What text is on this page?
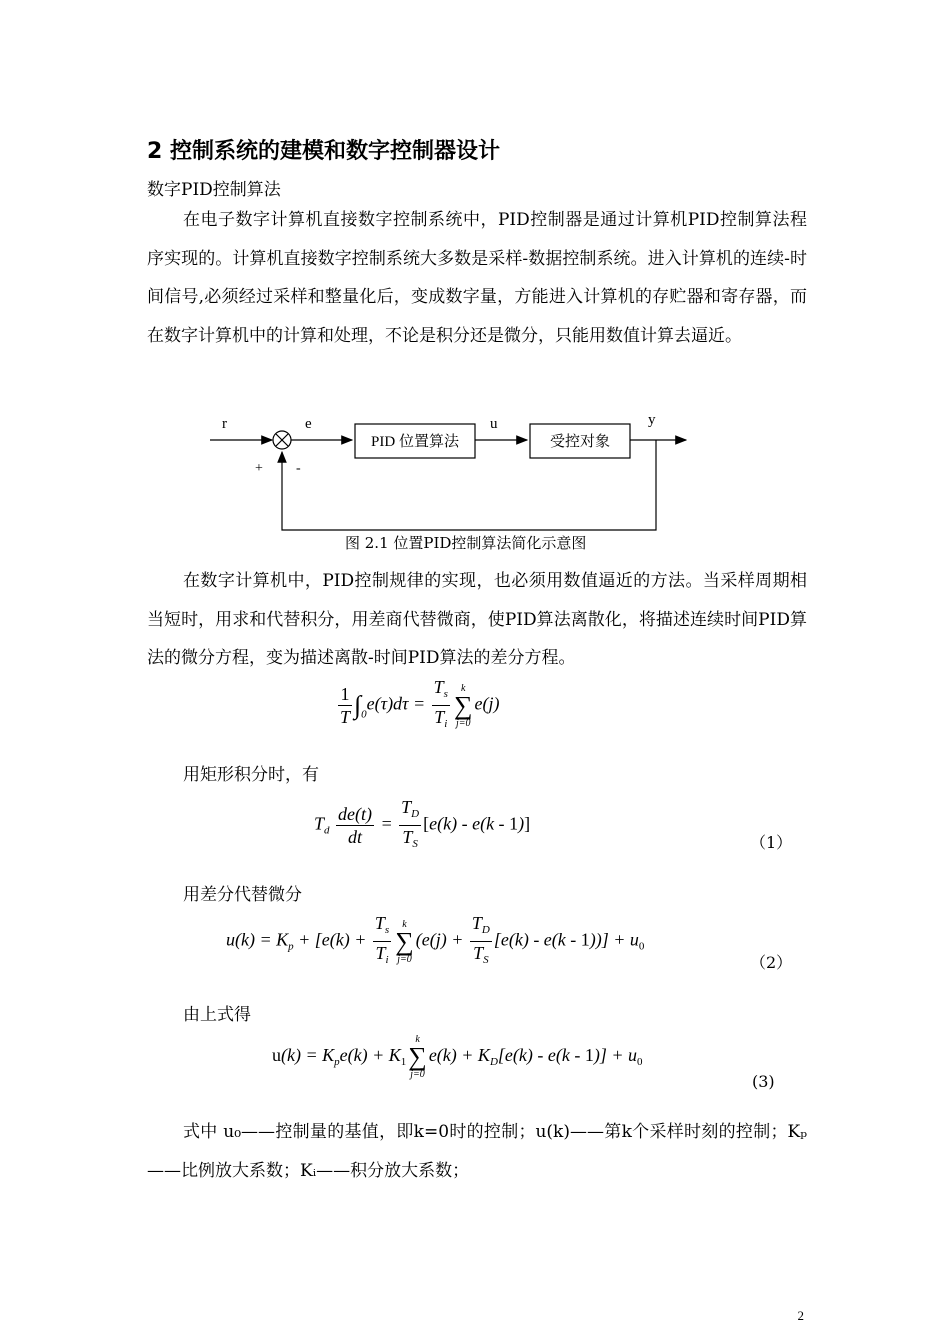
2 控制系统的建模和数字控制器设计
数字PID控制算法
在电子数字计算机直接数字控制系统中，PID控制器是通过计算机PID控制算法程序实现的。计算机直接数字控制系统大多数是采样-数据控制系统。进入计算机的连续-时间信号,必须经过采样和整量化后，变成数字量，方能进入计算机的存贮器和寄存器，而在数字计算机中的计算和处理，不论是积分还是微分，只能用数值计算去逼近。
r
+ -
e
PID 位置算法
u
受控对象
y
图 2.1 位置PID控制算法简化示意图
在数字计算机中，PID控制规律的实现，也必须用数值逼近的方法。当采样周期相当短时，用求和代替积分，用差商代替微商，使PID算法离散化，将描述连续时间PID算法的微分方程，变为描述离散-时间PID算法的差分方程。
$\frac{1}{T} \int_0e(\tau)d\tau = \frac{T_s}{T_i}$ k
∑
j=0e(j)
用矩形积分时，有
$T_d \frac{de(t)}{dt} = \frac{T_D}{T_S} [e(k) - e(k - 1)]$
（1）
用差分代替微分
$u(k) = K_p + [e(k) + \frac{T_s}{T_i}$ k
∑
$j=0(e(j) + \frac{T_D}{T_S} [e(k) - e(k - 1))] + u_0$
（2）
由上式得
$u(k) = K_pe(k) + K_1k$
∑
$j=0e(k) + K_D[e(k) - e(k - 1)] + u_0$
(3)
式中 u₀——控制量的基值，即k=0时的控制；u(k)——第k个采样时刻的控制；Kₚ——比例放大系数；Kᵢ——积分放大系数；
2
